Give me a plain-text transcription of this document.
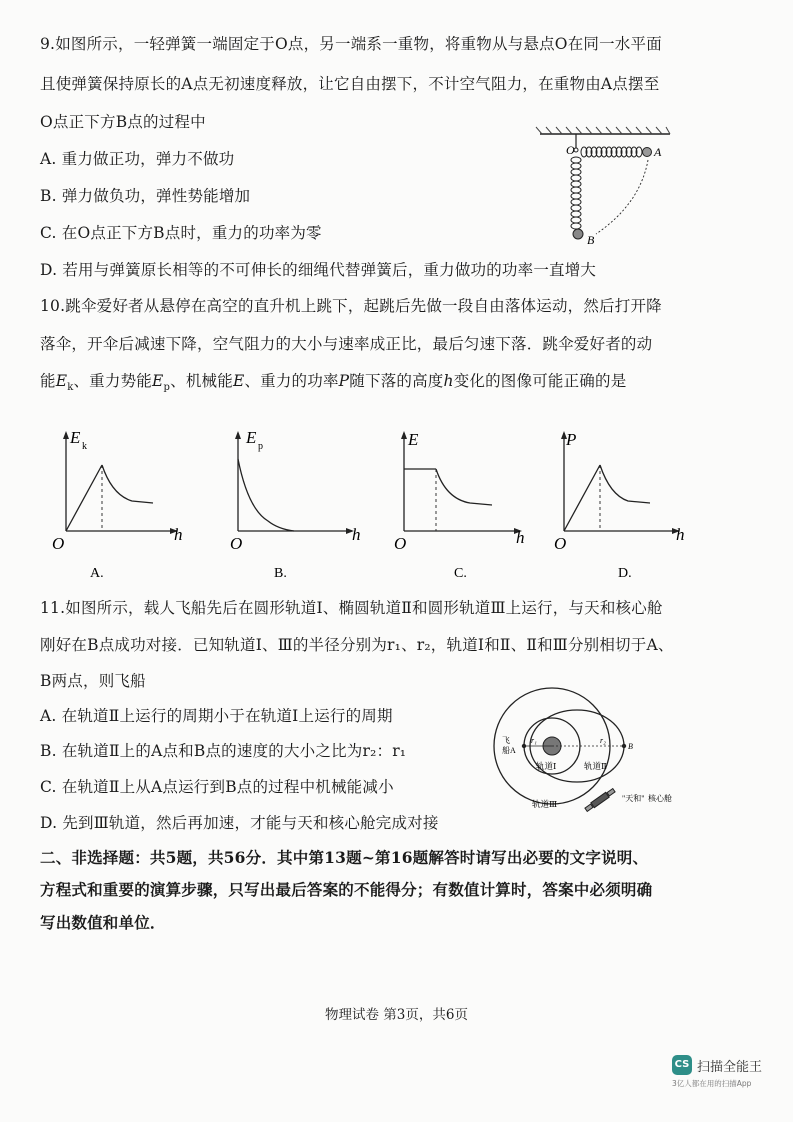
9.如图所示，一轻弹簧一端固定于O点，另一端系一重物，将重物从与悬点O在同一水平面
且使弹簧保持原长的A点无初速度释放，让它自由摆下，不计空气阻力，在重物由A点摆至
O点正下方B点的过程中
A. 重力做正功，弹力不做功
B. 弹力做负功，弹性势能增加
C. 在O点正下方B点时，重力的功率为零
D. 若用与弹簧原长相等的不可伸长的细绳代替弹簧后，重力做功的功率一直增大
O	A
B
10.跳伞爱好者从悬停在高空的直升机上跳下，起跳后先做一段自由落体运动，然后打开降
落伞，开伞后减速下降，空气阻力的大小与速率成正比，最后匀速下落．跳伞爱好者的动
能$E_k$、重力势能$E_p$、机械能E、重力的功率P随下落的高度h变化的图像可能正确的是
E k
h
O
A.
E p
h
O
B.
E
h
O
C.
P
h
O
D.
11.如图所示，载人飞船先后在圆形轨道Ⅰ、椭圆轨道Ⅱ和圆形轨道Ⅲ上运行，与天和核心舱
刚好在B点成功对接．已知轨道Ⅰ、Ⅲ的半径分别为r₁、r₂，轨道Ⅰ和Ⅱ、Ⅱ和Ⅲ分别相切于A、
B两点，则飞船
A. 在轨道Ⅱ上运行的周期小于在轨道Ⅰ上运行的周期
B. 在轨道Ⅱ上的A点和B点的速度的大小之比为r₂：r₁
C. 在轨道Ⅱ上从A点运行到B点的过程中机械能减小
D. 先到Ⅲ轨道，然后再加速，才能与天和核心舱完成对接
飞
船A
r₁	r₂
B
轨道Ⅰ	轨道Ⅱ
轨道Ⅲ
"天和" 核心舱
二、非选择题：共5题，共56分．其中第13题~第16题解答时请写出必要的文字说明、
方程式和重要的演算步骤，只写出最后答案的不能得分；有数值计算时，答案中必须明确
写出数值和单位．
物理试卷 第3页，共6页
CS 扫描全能王
3亿人都在用的扫描App
